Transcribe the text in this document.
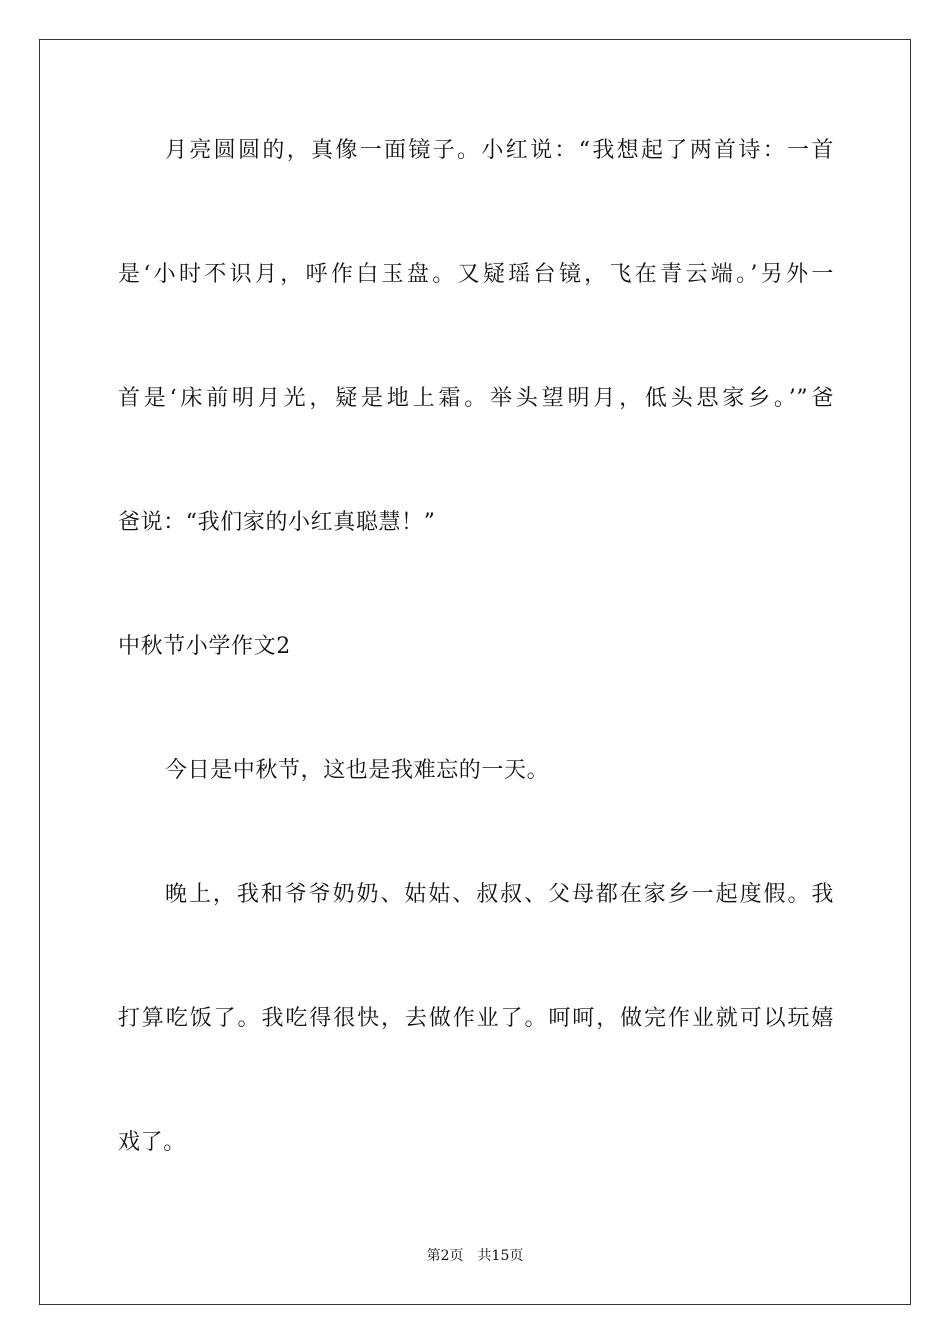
月亮圆圆的，真像一面镜子。小红说：“我想起了两首诗：一首
是‘小时不识月，呼作白玉盘。又疑瑶台镜，飞在青云端。’另外一
首是‘床前明月光，疑是地上霜。举头望明月，低头思家乡。’”爸
爸说：“我们家的小红真聪慧！”
中秋节小学作文2
今日是中秋节，这也是我难忘的一天。
晚上，我和爷爷奶奶、姑姑、叔叔、父母都在家乡一起度假。我
打算吃饭了。我吃得很快，去做作业了。呵呵，做完作业就可以玩嬉
戏了。
第2页　共15页
